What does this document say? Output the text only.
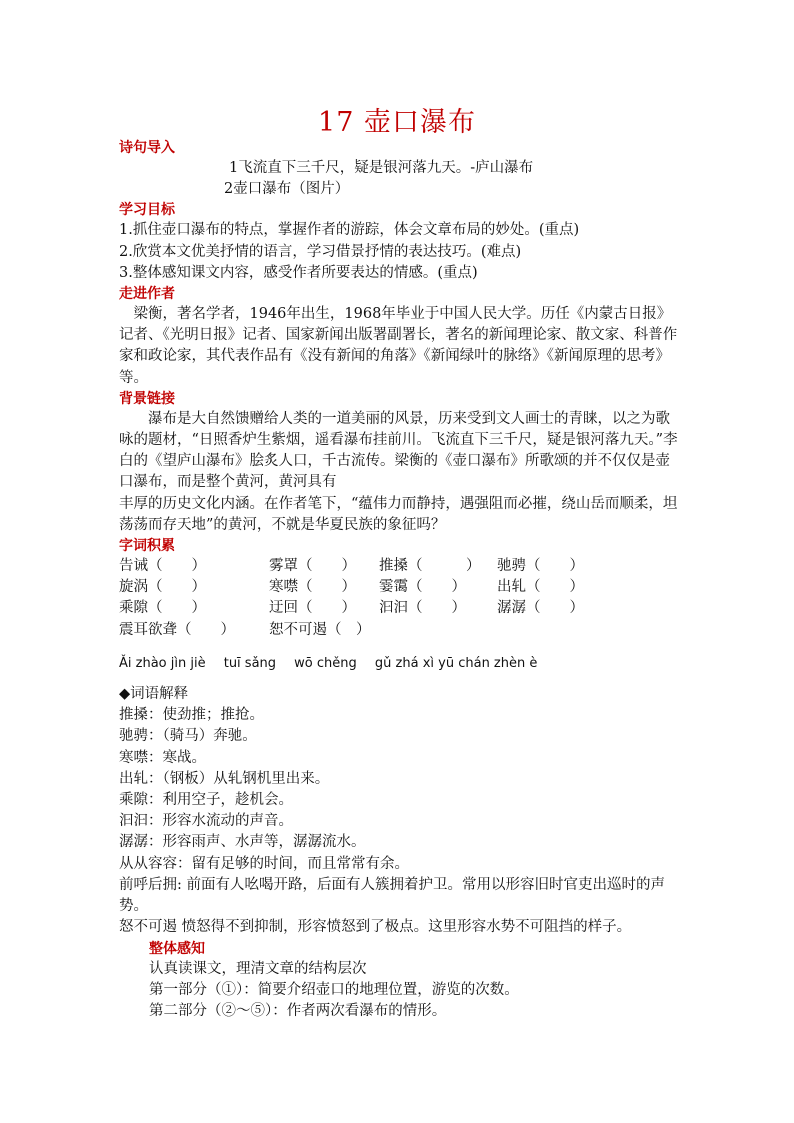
17 壶口瀑布
诗句导入
1飞流直下三千尺，疑是银河落九天。-庐山瀑布
2壶口瀑布（图片）
学习目标
1.抓住壶口瀑布的特点，掌握作者的游踪，体会文章布局的妙处。(重点)
2.欣赏本文优美抒情的语言，学习借景抒情的表达技巧。(难点)
3.整体感知课文内容，感受作者所要表达的情感。(重点)
走进作者
梁衡，著名学者，1946年出生，1968年毕业于中国人民大学。历任《内蒙古日报》记者、《光明日报》记者、国家新闻出版署副署长，著名的新闻理论家、散文家、科普作家和政论家，其代表作品有《没有新闻的角落》《新闻绿叶的脉络》《新闻原理的思考》等。
背景链接
瀑布是大自然馈赠给人类的一道美丽的风景，历来受到文人画士的青睐，以之为歌咏的题材，“日照香炉生紫烟，遥看瀑布挂前川。飞流直下三千尺，疑是银河落九天。”李白的《望庐山瀑布》脍炙人口，千古流传。梁衡的《壶口瀑布》所歌颂的并不仅仅是壶口瀑布，而是整个黄河，黄河具有
丰厚的历史文化内涵。在作者笔下，“蕴伟力而静持，遇强阻而必摧，绕山岳而顺柔，坦荡荡而存天地”的黄河，不就是华夏民族的象征吗？
字词积累
告诫（　　）	雾罩（　　）	推搡（　　　）	驰骋（　　）
旋涡（　　）	寒噤（　　）	霎霭（　　）	出轧（　　）
乘隙（　　）	迂回（　　）	汩汩（　　）	潺潺（　　）
震耳欲聋（　　）	恕不可遏（　）
Ǎi zhào jìn jiè tuī sǎng wō chěng gǔ zhá xì yū chán zhèn è
◆词语解释
推搡：使劲推；推抢。
驰骋：（骑马）奔驰。
寒噤：寒战。
出轧：（钢板）从轧钢机里出来。
乘隙：利用空子，趁机会。
汩汩：形容水流动的声音。
潺潺：形容雨声、水声等，潺潺流水。
从从容容：留有足够的时间，而且常常有余。
前呼后拥: 前面有人吆喝开路，后面有人簇拥着护卫。常用以形容旧时官吏出巡时的声势。
怒不可遏 愤怒得不到抑制，形容愤怒到了极点。这里形容水势不可阻挡的样子。
整体感知
认真读课文，理清文章的结构层次
第一部分（①）：简要介绍壶口的地理位置，游览的次数。
第二部分（②～⑤）：作者两次看瀑布的情形。
